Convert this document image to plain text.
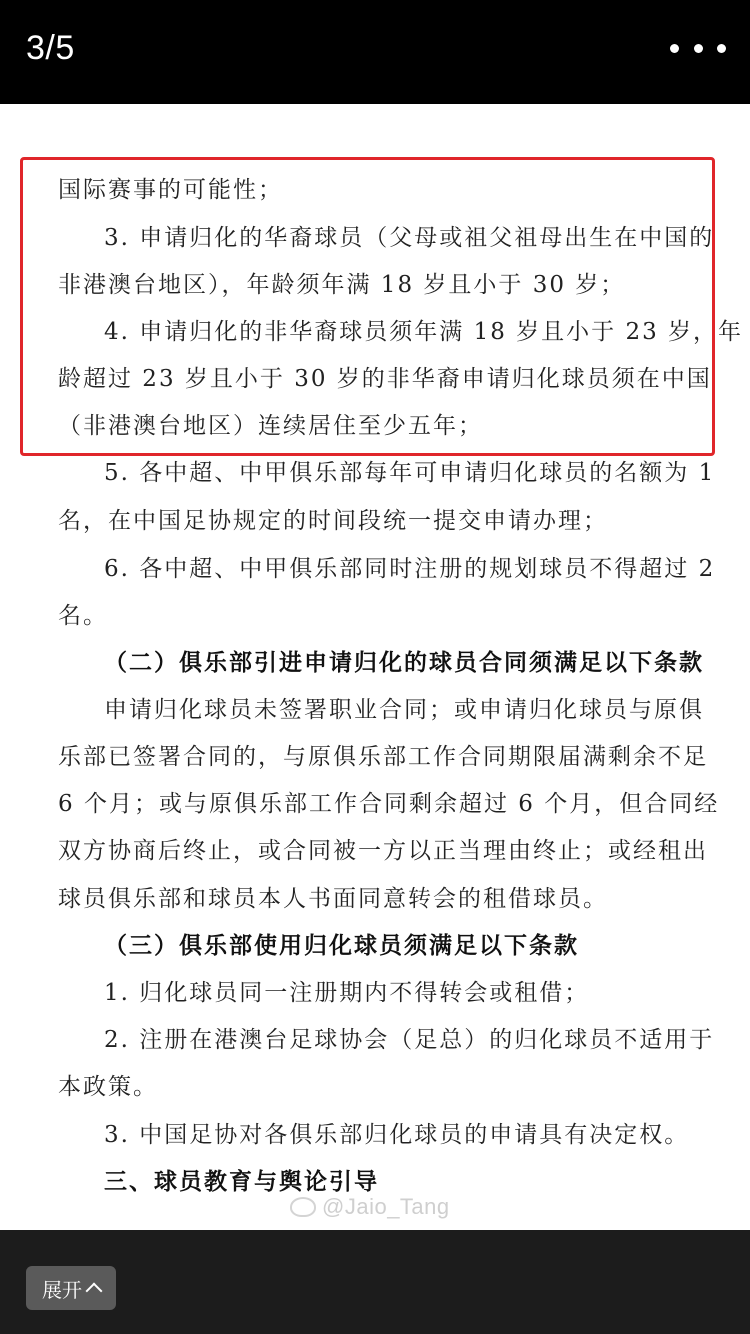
3/5
国际赛事的可能性；
3. 申请归化的华裔球员（父母或祖父祖母出生在中国的
非港澳台地区），年龄须年满 18 岁且小于 30 岁；
4. 申请归化的非华裔球员须年满 18 岁且小于 23 岁，年
龄超过 23 岁且小于 30 岁的非华裔申请归化球员须在中国
（非港澳台地区）连续居住至少五年；
5. 各中超、中甲俱乐部每年可申请归化球员的名额为 1
名，在中国足协规定的时间段统一提交申请办理；
6. 各中超、中甲俱乐部同时注册的规划球员不得超过 2
名。
（二）俱乐部引进申请归化的球员合同须满足以下条款
申请归化球员未签署职业合同；或申请归化球员与原俱
乐部已签署合同的，与原俱乐部工作合同期限届满剩余不足
6 个月；或与原俱乐部工作合同剩余超过 6 个月，但合同经
双方协商后终止，或合同被一方以正当理由终止；或经租出
球员俱乐部和球员本人书面同意转会的租借球员。
（三）俱乐部使用归化球员须满足以下条款
1. 归化球员同一注册期内不得转会或租借；
2. 注册在港澳台足球协会（足总）的归化球员不适用于
本政策。
3. 中国足协对各俱乐部归化球员的申请具有决定权。
三、球员教育与舆论引导
@Jaio_Tang
展开
